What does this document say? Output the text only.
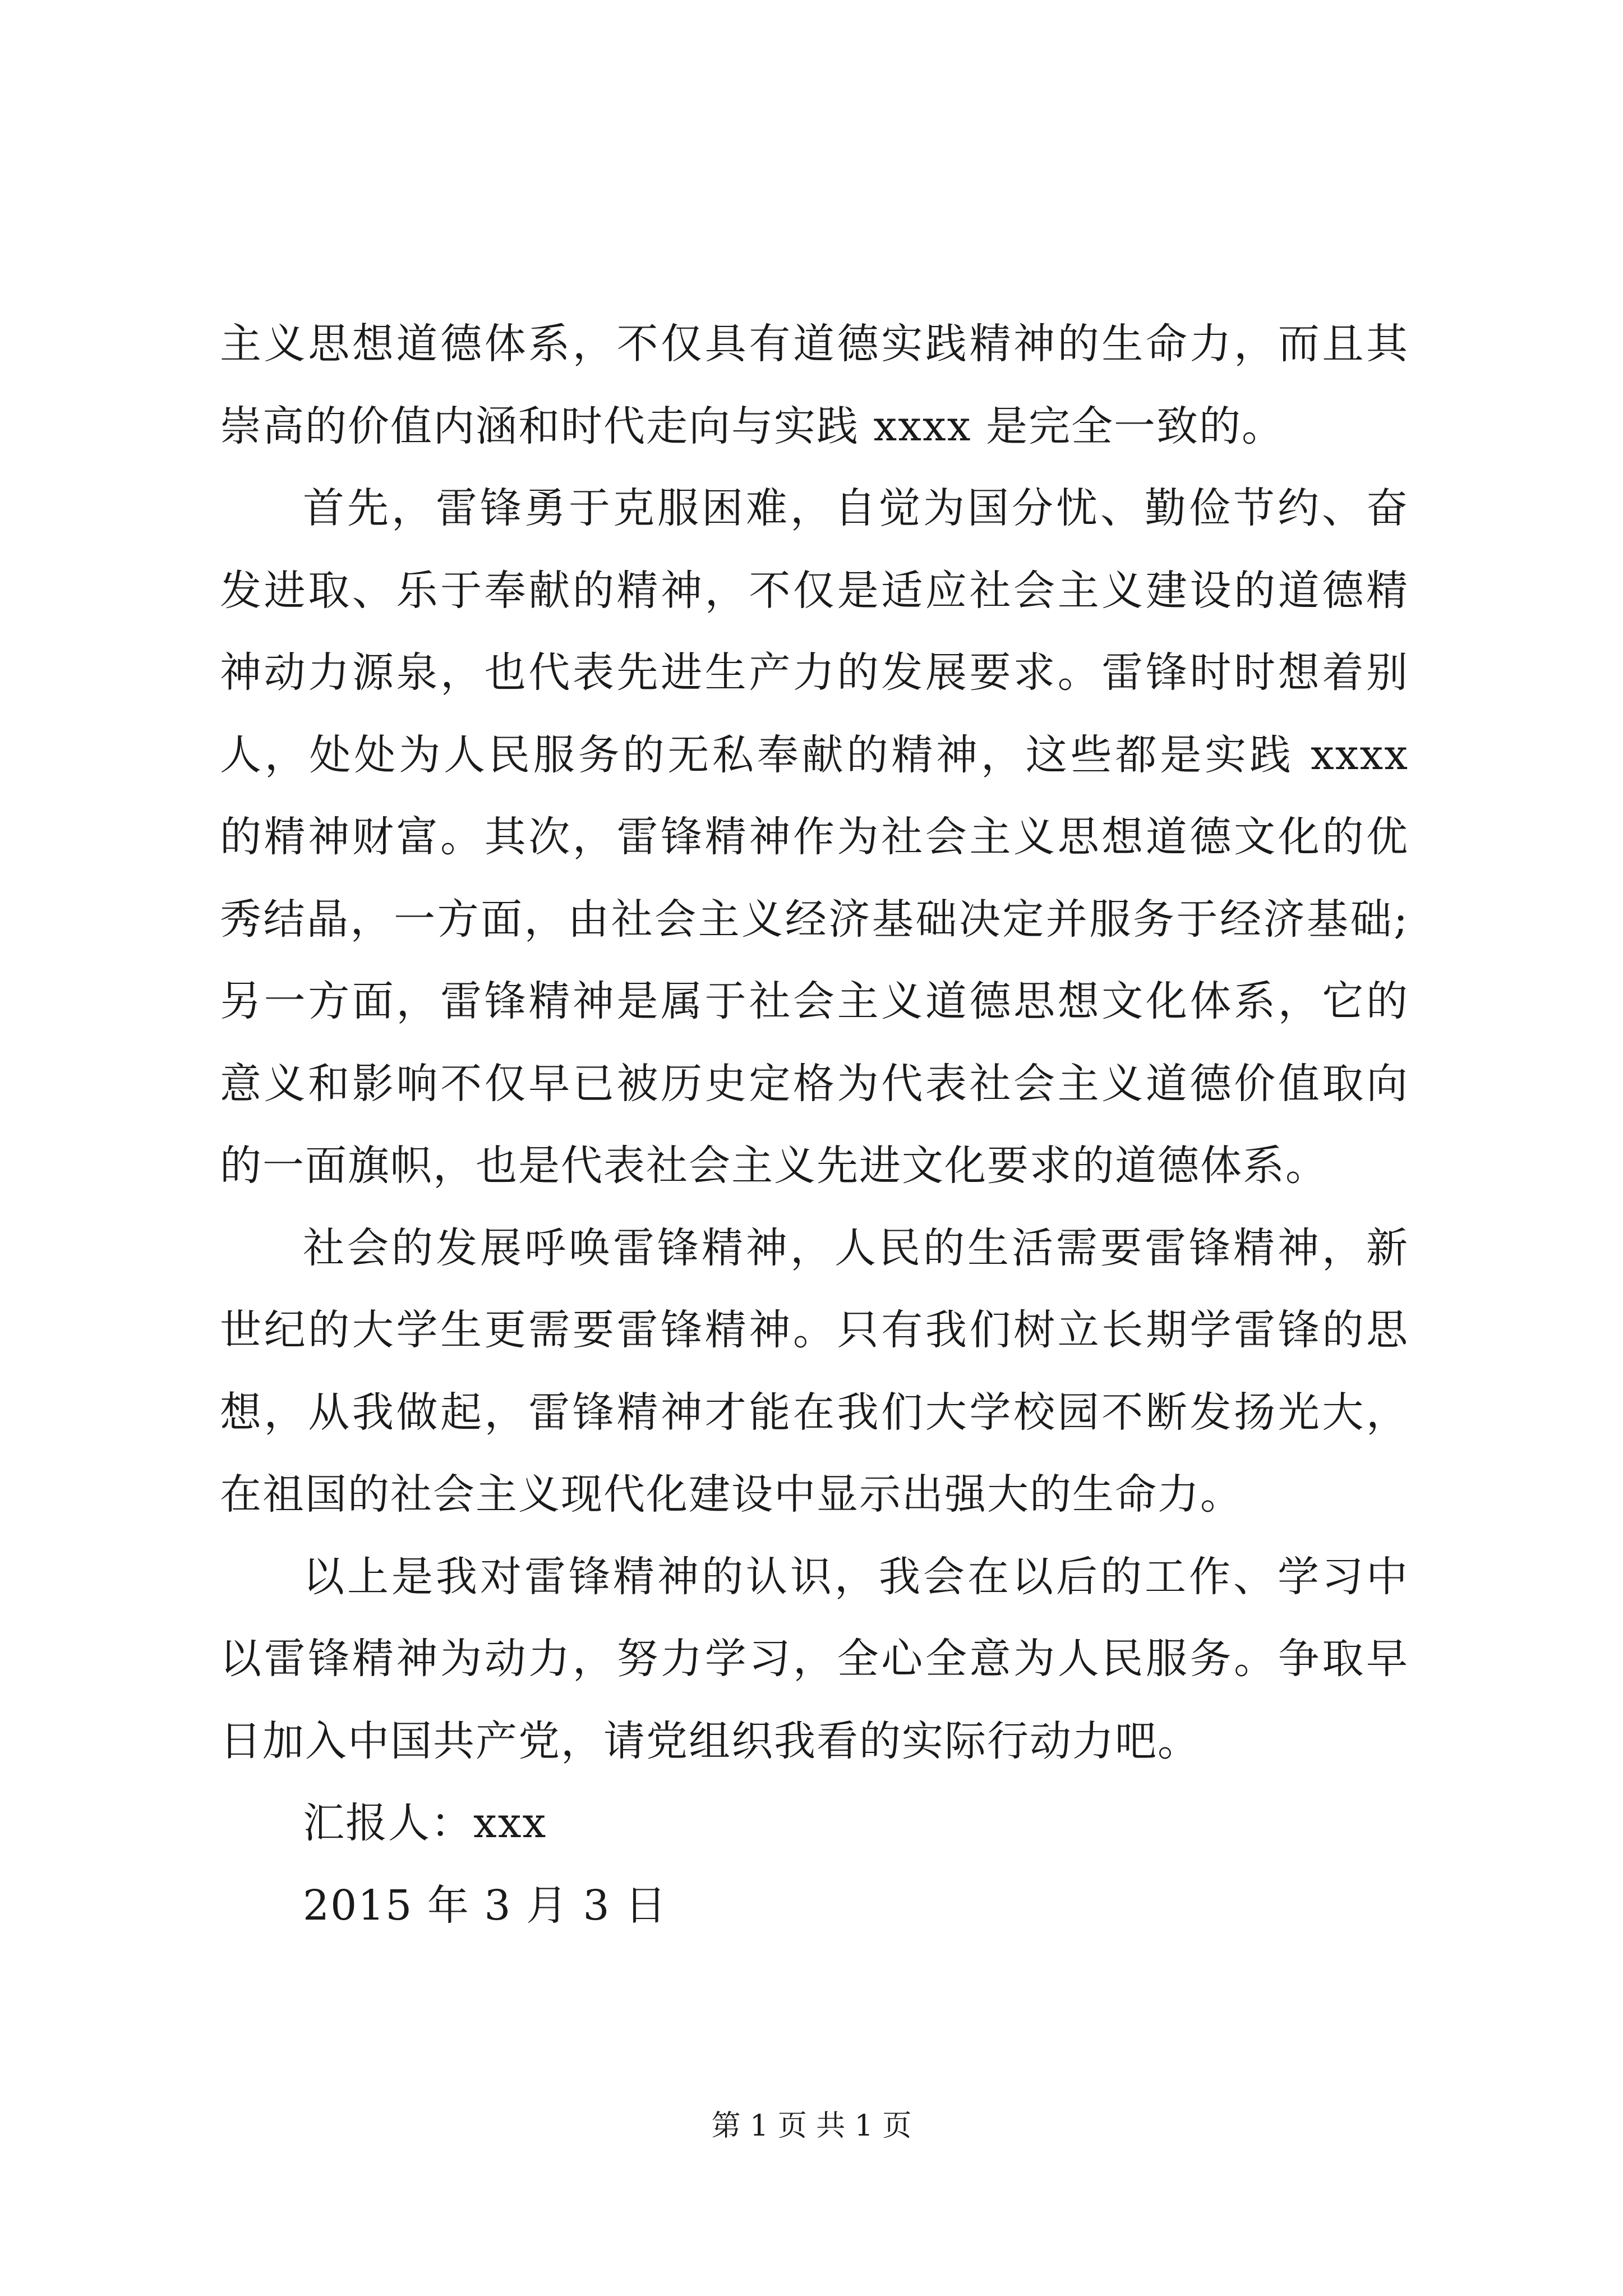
主义思想道德体系，不仅具有道德实践精神的生命力，而且其崇高的价值内涵和时代走向与实践 xxxx 是完全一致的。

首先，雷锋勇于克服困难，自觉为国分忧、勤俭节约、奋发进取、乐于奉献的精神，不仅是适应社会主义建设的道德精神动力源泉，也代表先进生产力的发展要求。雷锋时时想着别人，处处为人民服务的无私奉献的精神，这些都是实践 xxxx 的精神财富。其次，雷锋精神作为社会主义思想道德文化的优秀结晶，一方面，由社会主义经济基础决定并服务于经济基础;另一方面，雷锋精神是属于社会主义道德思想文化体系，它的意义和影响不仅早已被历史定格为代表社会主义道德价值取向的一面旗帜，也是代表社会主义先进文化要求的道德体系。

社会的发展呼唤雷锋精神，人民的生活需要雷锋精神，新世纪的大学生更需要雷锋精神。只有我们树立长期学雷锋的思想，从我做起，雷锋精神才能在我们大学校园不断发扬光大，在祖国的社会主义现代化建设中显示出强大的生命力。

以上是我对雷锋精神的认识，我会在以后的工作、学习中以雷锋精神为动力，努力学习，全心全意为人民服务。争取早日加入中国共产党，请党组织我看的实际行动力吧。

汇报人：xxx

2015 年 3 月 3 日

第 1 页 共 1 页
